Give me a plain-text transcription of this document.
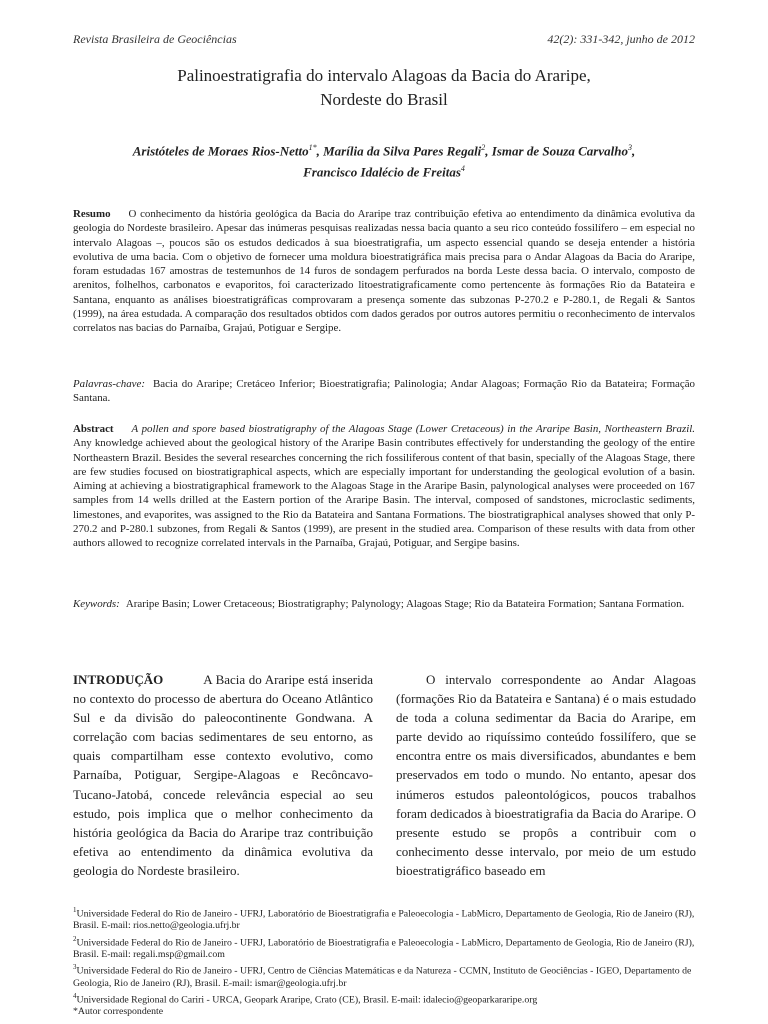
Revista Brasileira de Geociências	42(2): 331-342, junho de 2012
Palinoestratigrafia do intervalo Alagoas da Bacia do Araripe,
Nordeste do Brasil
Aristóteles de Moraes Rios-Netto$^{1*}$, Marília da Silva Pares Regali$^2$, Ismar de Souza Carvalho$^3$,
Francisco Idalécio de Freitas$^4$
Resumo O conhecimento da história geológica da Bacia do Araripe traz contribuição efetiva ao entendimento da dinâmica evolutiva da geologia do Nordeste brasileiro. Apesar das inúmeras pesquisas realizadas nessa bacia quanto a seu rico conteúdo fossilífero – em especial no intervalo Alagoas –, poucos são os estudos dedicados à sua bioestratigrafia, um aspecto essencial quando se deseja entender a história evolutiva de uma bacia. Com o objetivo de fornecer uma moldura bioestratigráfica mais precisa para o Andar Alagoas da Bacia do Araripe, foram estudadas 167 amostras de testemunhos de 14 furos de sondagem perfurados na borda Leste dessa bacia. O intervalo, composto de arenitos, folhelhos, carbonatos e evaporitos, foi caracterizado litoestratigraficamente como pertencente às formações Rio da Batateira e Santana, enquanto as análises bioestratigráficas comprovaram a presença somente das subzonas P-270.2 e P-280.1, de Regali & Santos (1999), na área estudada. A comparação dos resultados obtidos com dados gerados por outros autores permitiu o reconhecimento de intervalos correlatos nas bacias do Parnaíba, Grajaú, Potiguar e Sergipe.
Palavras-chave: Bacia do Araripe; Cretáceo Inferior; Bioestratigrafia; Palinologia; Andar Alagoas; Formação Rio da Batateira; Formação Santana.
Abstract A pollen and spore based biostratigraphy of the Alagoas Stage (Lower Cretaceous) in the Araripe Basin, Northeastern Brazil. Any knowledge achieved about the geological history of the Araripe Basin contributes effectively for understanding the geology of the entire Northeastern Brazil. Besides the several researches concerning the rich fossiliferous content of that basin, specially of the Alagoas Stage, there are few studies focused on biostratigraphical aspects, which are especially important for understanding the geological evolution of a basin. Aiming at achieving a biostratigraphical framework to the Alagoas Stage in the Araripe Basin, palynological analyses were proceeded on 167 samples from 14 wells drilled at the Eastern portion of the Araripe Basin. The interval, composed of sandstones, microclastic sediments, limestones, and evaporites, was assigned to the Rio da Batateira and Santana Formations. The biostratigraphical analyses showed that only P-270.2 and P-280.1 subzones, from Regali & Santos (1999), are present in the studied area. Comparison of these results with data from other authors allowed to recognize correlated intervals in the Parnaíba, Grajaú, Potiguar, and Sergipe basins.
Keywords: Araripe Basin; Lower Cretaceous; Biostratigraphy; Palynology; Alagoas Stage; Rio da Batateira Formation; Santana Formation.

INTRODUÇÃO	A Bacia do Araripe está inserida no contexto do processo de abertura do Oceano Atlântico Sul e da divisão do paleocontinente Gondwana. A correlação com bacias sedimentares de seu entorno, as quais compartilham esse contexto evolutivo, como Parnaíba, Potiguar, Sergipe-Alagoas e Recôncavo-Tucano-Jatobá, concede relevância especial ao seu estudo, pois implica que o melhor conhecimento da história geológica da Bacia do Araripe traz contribuição efetiva ao entendimento da dinâmica evolutiva da geologia do Nordeste brasileiro.

O intervalo correspondente ao Andar Alagoas (formações Rio da Batateira e Santana) é o mais estudado de toda a coluna sedimentar da Bacia do Araripe, em parte devido ao riquíssimo conteúdo fossilífero, que se encontra entre os mais diversificados, abundantes e bem preservados em todo o mundo. No entanto, apesar dos inúmeros estudos paleontológicos, poucos trabalhos foram dedicados à bioestratigrafia da Bacia do Araripe. O presente estudo se propôs a contribuir com o conhecimento desse intervalo, por meio de um estudo bioestratigráfico baseado em

$^1$Universidade Federal do Rio de Janeiro - UFRJ, Laboratório de Bioestratigrafia e Paleoecologia - LabMicro, Departamento de Geologia, Rio de Janeiro (RJ), Brasil. E-mail: rios.netto@geologia.ufrj.br
$^2$Universidade Federal do Rio de Janeiro - UFRJ, Laboratório de Bioestratigrafia e Paleoecologia - LabMicro, Departamento de Geologia, Rio de Janeiro (RJ), Brasil. E-mail: regali.msp@gmail.com
$^3$Universidade Federal do Rio de Janeiro - UFRJ, Centro de Ciências Matemáticas e da Natureza - CCMN, Instituto de Geociências - IGEO, Departamento de Geologia, Rio de Janeiro (RJ), Brasil. E-mail: ismar@geologia.ufrj.br
$^4$Universidade Regional do Cariri - URCA, Geopark Araripe, Crato (CE), Brasil. E-mail: idalecio@geoparkararipe.org
*Autor correspondente
